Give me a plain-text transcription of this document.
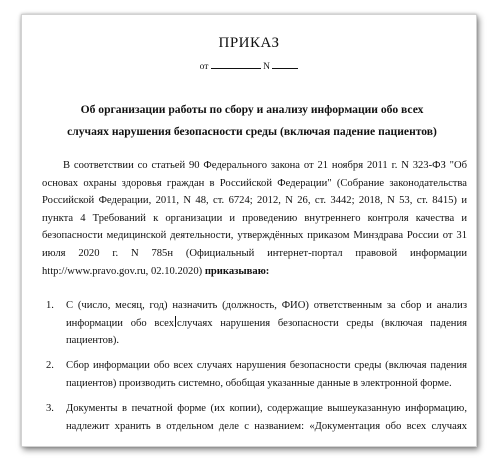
ПРИКАЗ
от	N
Об организации работы по сбору и анализу информации обо всех
случаях нарушения безопасности среды (включая падение пациентов)
В соответствии со статьей 90 Федерального закона от 21 ноября 2011 г. N 323-ФЗ "Об
основах охраны здоровья граждан в Российской Федерации" (Собрание законодательства
Российской Федерации, 2011, N 48, ст. 6724; 2012, N 26, ст. 3442; 2018, N 53, ст. 8415) и
пункта 4 Требований к организации и проведению внутреннего контроля качества и
безопасности медицинской деятельности, утверждённых приказом Минздрава России от 31
июля 2020 г. N 785н (Официальный интернет-портал правовой информации
http://www.pravo.gov.ru, 02.10.2020) приказываю:
1. С (число, месяц, год) назначить (должность, ФИО) ответственным за сбор и анализ
информации обо всех случаях нарушения безопасности среды (включая падения
пациентов).
2. Сбор информации обо всех случаях нарушения безопасности среды (включая падения
пациентов) производить системно, обобщая указанные данные в электронной форме.
3. Документы в печатной форме (их копии), содержащие вышеуказанную информацию,
надлежит хранить в отдельном деле с названием: «Документация обо всех случаях
